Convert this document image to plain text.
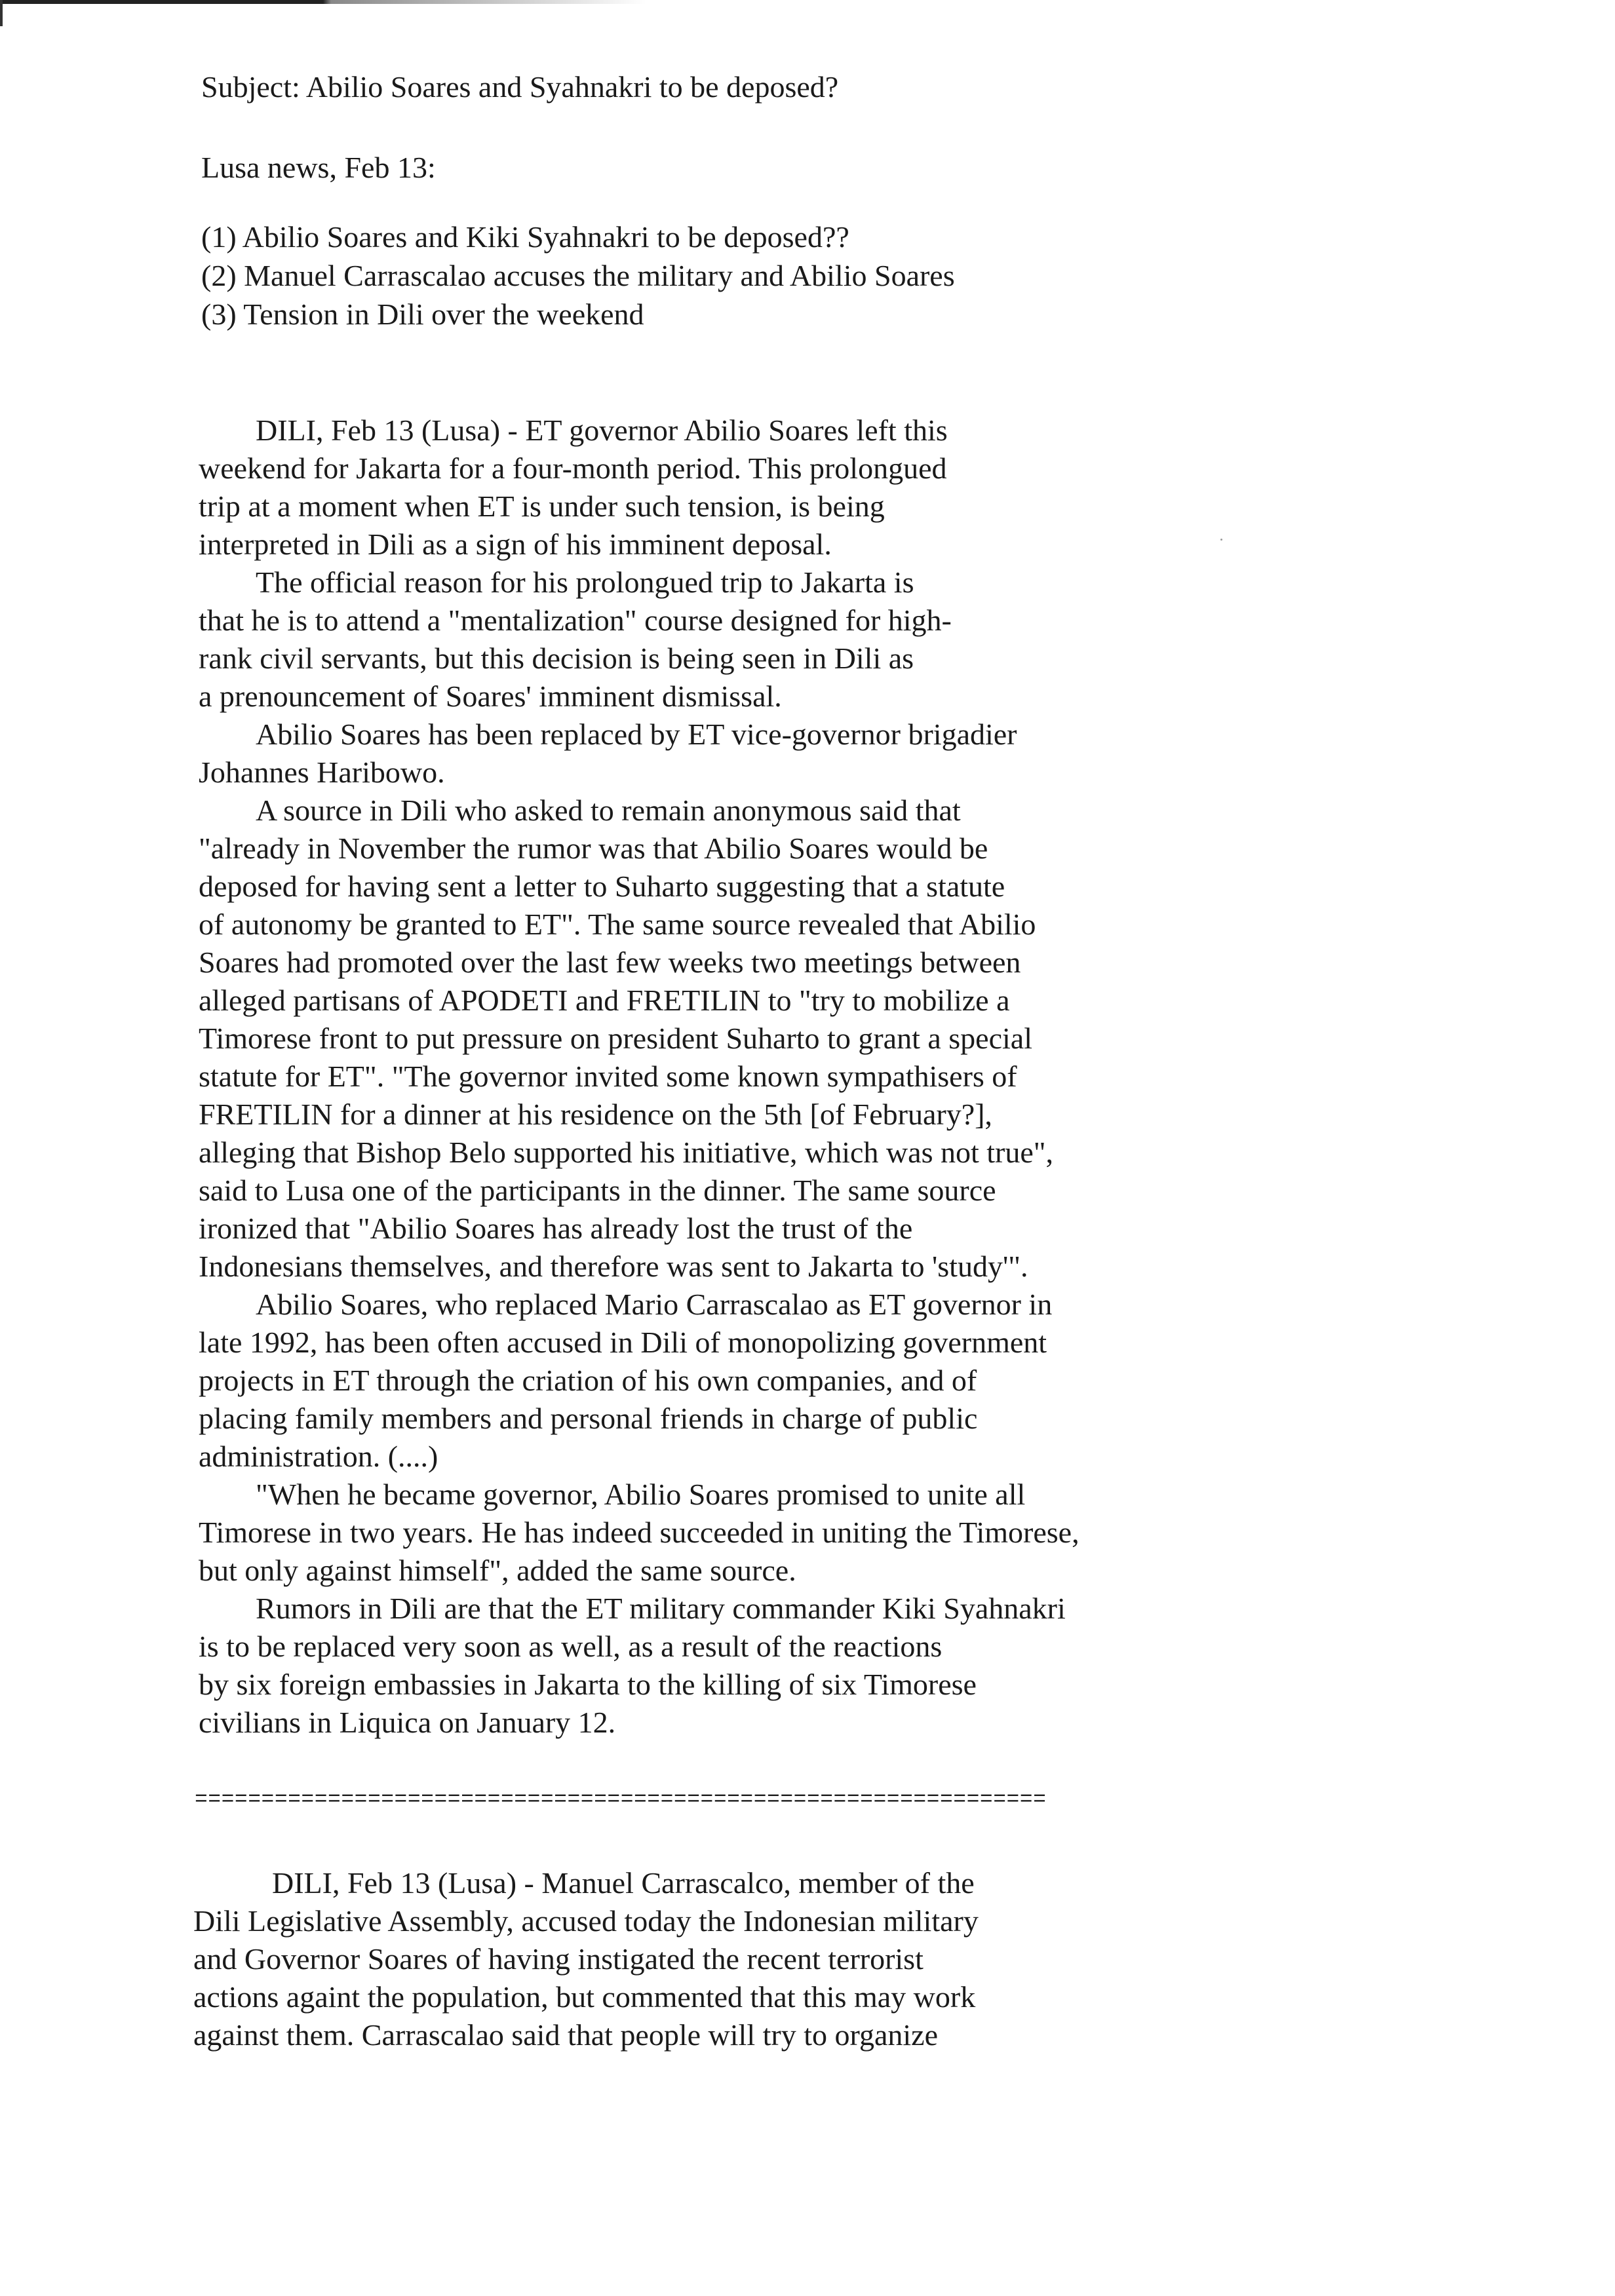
Subject: Abilio Soares and Syahnakri to be deposed?
Lusa news, Feb 13:
(1) Abilio Soares and Kiki Syahnakri to be deposed??
(2) Manuel Carrascalao accuses the military and Abilio Soares
(3) Tension in Dili over the weekend
DILI, Feb 13 (Lusa) - ET governor Abilio Soares left this
weekend for Jakarta for a four-month period. This prolongued
trip at a moment when ET is under such tension, is being
interpreted in Dili as a sign of his imminent deposal.
The official reason for his prolongued trip to Jakarta is
that he is to attend a "mentalization" course designed for high-
rank civil servants, but this decision is being seen in Dili as
a prenouncement of Soares' imminent dismissal.
Abilio Soares has been replaced by ET vice-governor brigadier
Johannes Haribowo.
A source in Dili who asked to remain anonymous said that
"already in November the rumor was that Abilio Soares would be
deposed for having sent a letter to Suharto suggesting that a statute
of autonomy be granted to ET". The same source revealed that Abilio
Soares had promoted over the last few weeks two meetings between
alleged partisans of APODETI and FRETILIN to "try to mobilize a
Timorese front to put pressure on president Suharto to grant a special
statute for ET". "The governor invited some known sympathisers of
FRETILIN for a dinner at his residence on the 5th [of February?],
alleging that Bishop Belo supported his initiative, which was not true",
said to Lusa one of the participants in the dinner. The same source
ironized that "Abilio Soares has already lost the trust of the
Indonesians themselves, and therefore was sent to Jakarta to 'study'".
Abilio Soares, who replaced Mario Carrascalao as ET governor in
late 1992, has been often accused in Dili of monopolizing government
projects in ET through the criation of his own companies, and of
placing family members and personal friends in charge of public
administration. (....)
"When he became governor, Abilio Soares promised to unite all
Timorese in two years. He has indeed succeeded in uniting the Timorese,
but only against himself", added the same source.
Rumors in Dili are that the ET military commander Kiki Syahnakri
is to be replaced very soon as well, as a result of the reactions
by six foreign embassies in Jakarta to the killing of six Timorese
civilians in Liquica on January 12.
================================================================
DILI, Feb 13 (Lusa) - Manuel Carrascalco, member of the
Dili Legislative Assembly, accused today the Indonesian military
and Governor Soares of having instigated the recent terrorist
actions againt the population, but commented that this may work
against them. Carrascalao said that people will try to organize
